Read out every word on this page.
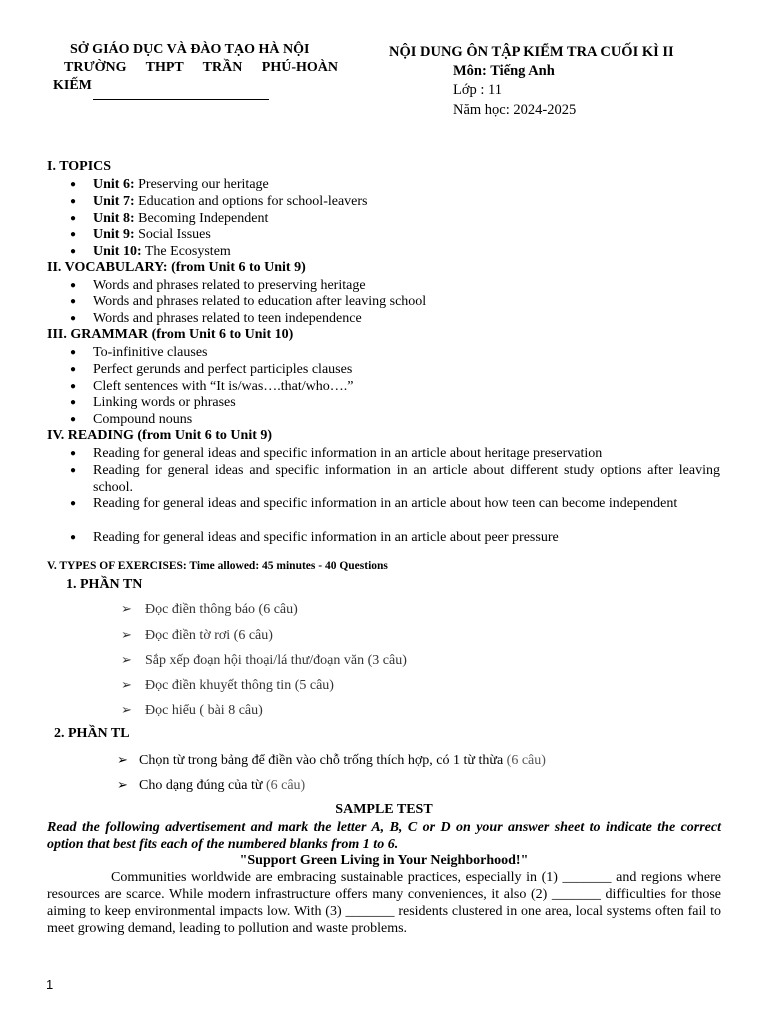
SỞ GIÁO DỤC VÀ ĐÀO TẠO HÀ NỘI
TRƯỜNG THPT TRẦN PHÚ-HOÀN
KIẾM
NỘI DUNG ÔN TẬP KIỂM TRA CUỐI KÌ II
Môn: Tiếng Anh
Lớp : 11
Năm học: 2024-2025
I. TOPICS
● Unit 6: Preserving our heritage
● Unit 7: Education and options for school-leavers
● Unit 8: Becoming Independent
● Unit 9: Social Issues
● Unit 10: The Ecosystem
II. VOCABULARY: (from Unit 6 to Unit 9)
● Words and phrases related to preserving heritage
● Words and phrases related to education after leaving school
● Words and phrases related to teen independence
III. GRAMMAR (from Unit 6 to Unit 10)
● To-infinitive clauses
● Perfect gerunds and perfect participles clauses
● Cleft sentences with “It is/was….that/who….”
● Linking words or phrases
● Compound nouns
IV. READING (from Unit 6 to Unit 9)
● Reading for general ideas and specific information in an article about heritage preservation
● Reading for general ideas and specific information in an article about different study options after leaving school.
● Reading for general ideas and specific information in an article about how teen can become independent
● Reading for general ideas and specific information in an article about peer pressure
V. TYPES OF EXERCISES: Time allowed: 45 minutes - 40 Questions
1. PHẦN TN
➢ Đọc điền thông báo (6 câu)
➢ Đọc điền tờ rơi (6 câu)
➢ Sắp xếp đoạn hội thoại/lá thư/đoạn văn (3 câu)
➢ Đọc điền khuyết thông tin (5 câu)
➢ Đọc hiểu ( bài 8 câu)
2. PHẦN TL
➢ Chọn từ trong bảng để điền vào chỗ trống thích hợp, có 1 từ thừa (6 câu)
➢ Cho dạng đúng của từ (6 câu)
SAMPLE TEST
Read the following advertisement and mark the letter A, B, C or D on your answer sheet to indicate the correct option that best fits each of the numbered blanks from 1 to 6.
"Support Green Living in Your Neighborhood!"
Communities worldwide are embracing sustainable practices, especially in (1) _______ and regions where resources are scarce. While modern infrastructure offers many conveniences, it also (2) _______ difficulties for those aiming to keep environmental impacts low. With (3) _______ residents clustered in one area, local systems often fail to meet growing demand, leading to pollution and waste problems.
1
